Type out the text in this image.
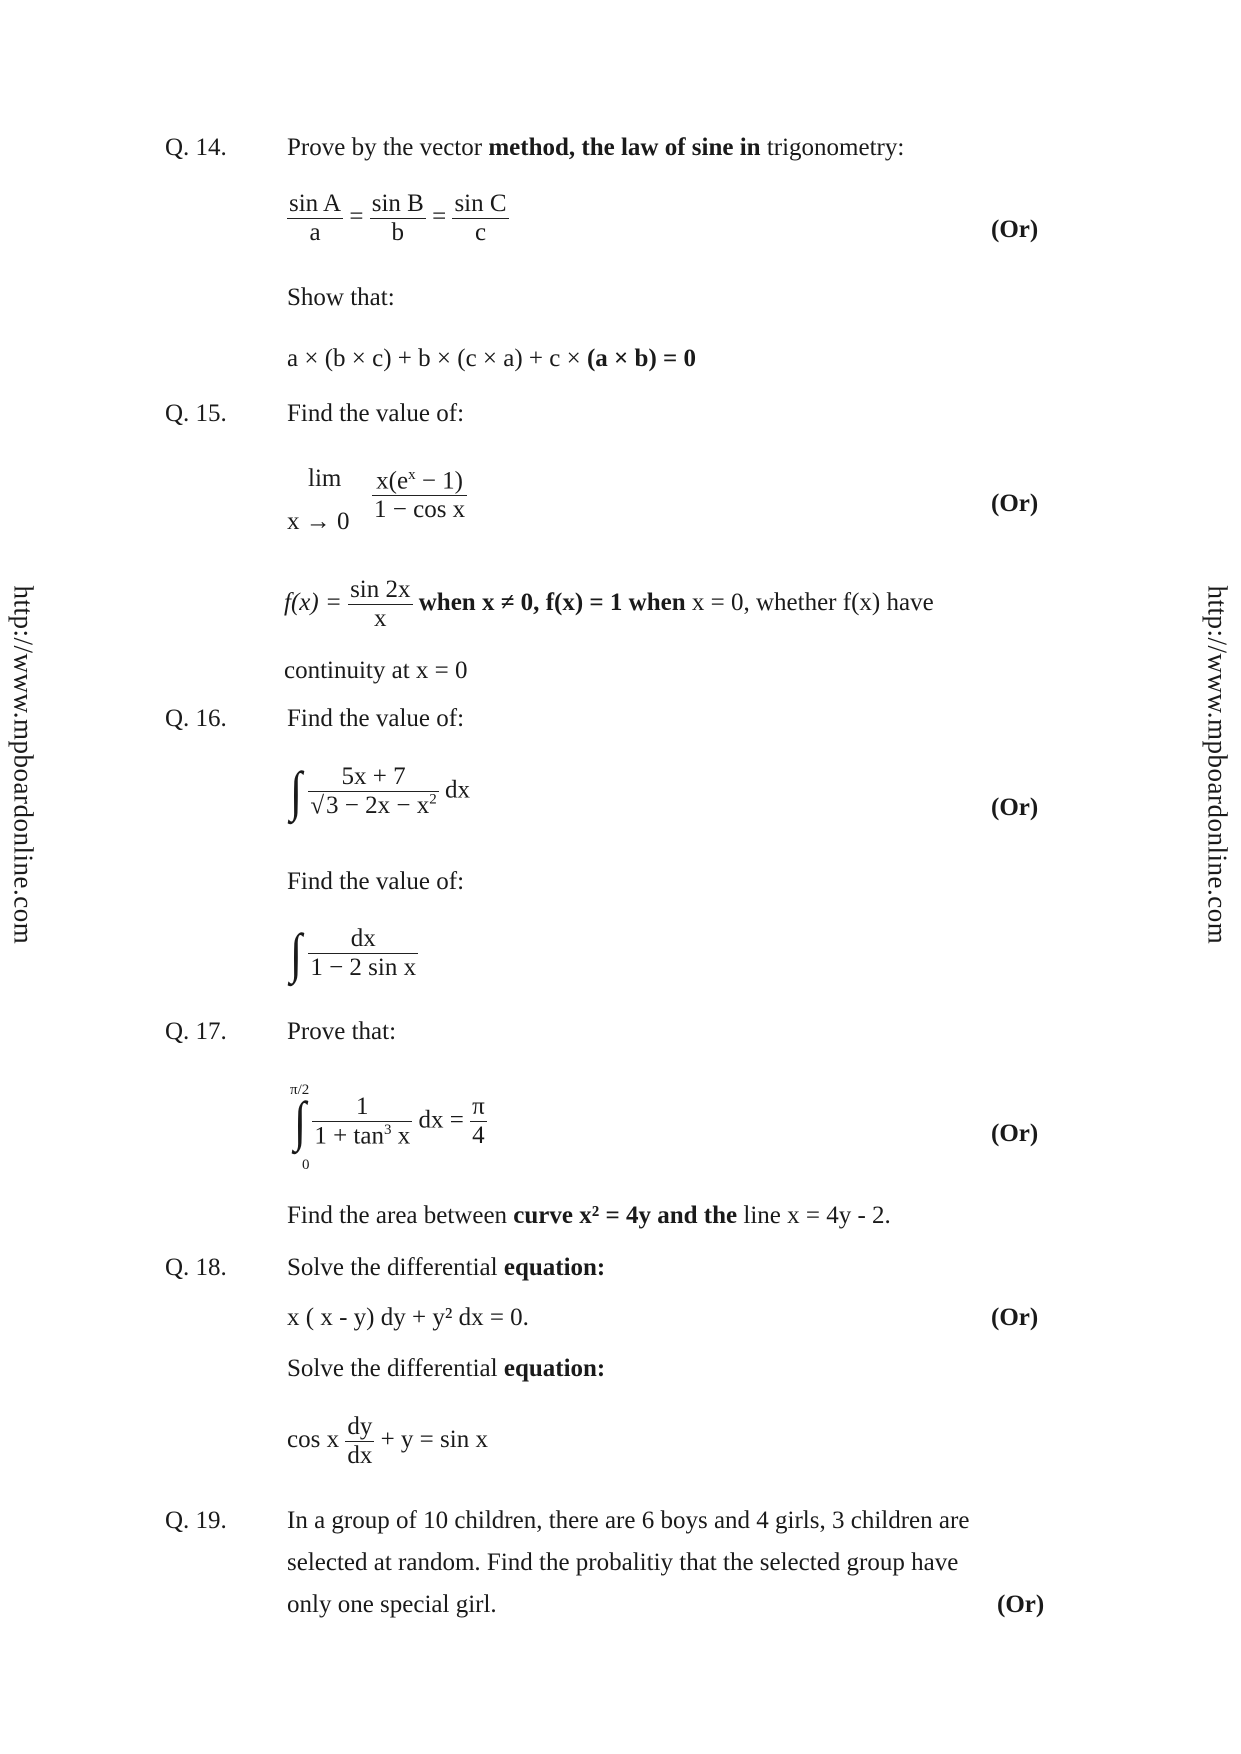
http://www.mpboardonline.com	http://www.mpboardonline.com
Q. 14. Prove by the vector method, the law of sine in trigonometry:
$\frac{\text{sin A}}{a} = \frac{\text{sin B}}{b} = \frac{\text{sin C}}{c}$	(Or)
Show that:
a × (b × c) + b × (c × a) + c × (a × b) = 0
Q. 15. Find the value of:
lim
$x \to 0 \frac{x(e^x - 1)}{\text{1 − cos x}}$	(Or)
$f(x) = \frac{\sin 2x}{x}$ when x ≠ 0, f(x) = 1 when x = 0, whether f(x) have
continuity at x = 0
Q. 16. Find the value of:
∫ $\frac{5x + 7}{√3 - 2x - x^2}$ dx
(Or)
Find the value of:
∫ $\frac{dx}{\text{1 − 2 sin x}}$
Q. 17. Prove that:
π/2
0
∫ $\frac{1}{1 + \tan^3 x}$ dx = $\frac{\pi}{4}$	(Or)
Find the area between curve x² = 4y and the line x = 4y - 2.
Q. 18. Solve the differential equation:
x ( x - y) dy + y² dx = 0.	(Or)
Solve the differential equation:
cos x $\frac{dy}{dx} + y = \sin x$
Q. 19. In a group of 10 children, there are 6 boys and 4 girls, 3 children are
selected at random. Find the probalitiy that the selected group have
only one special girl.	(Or)
